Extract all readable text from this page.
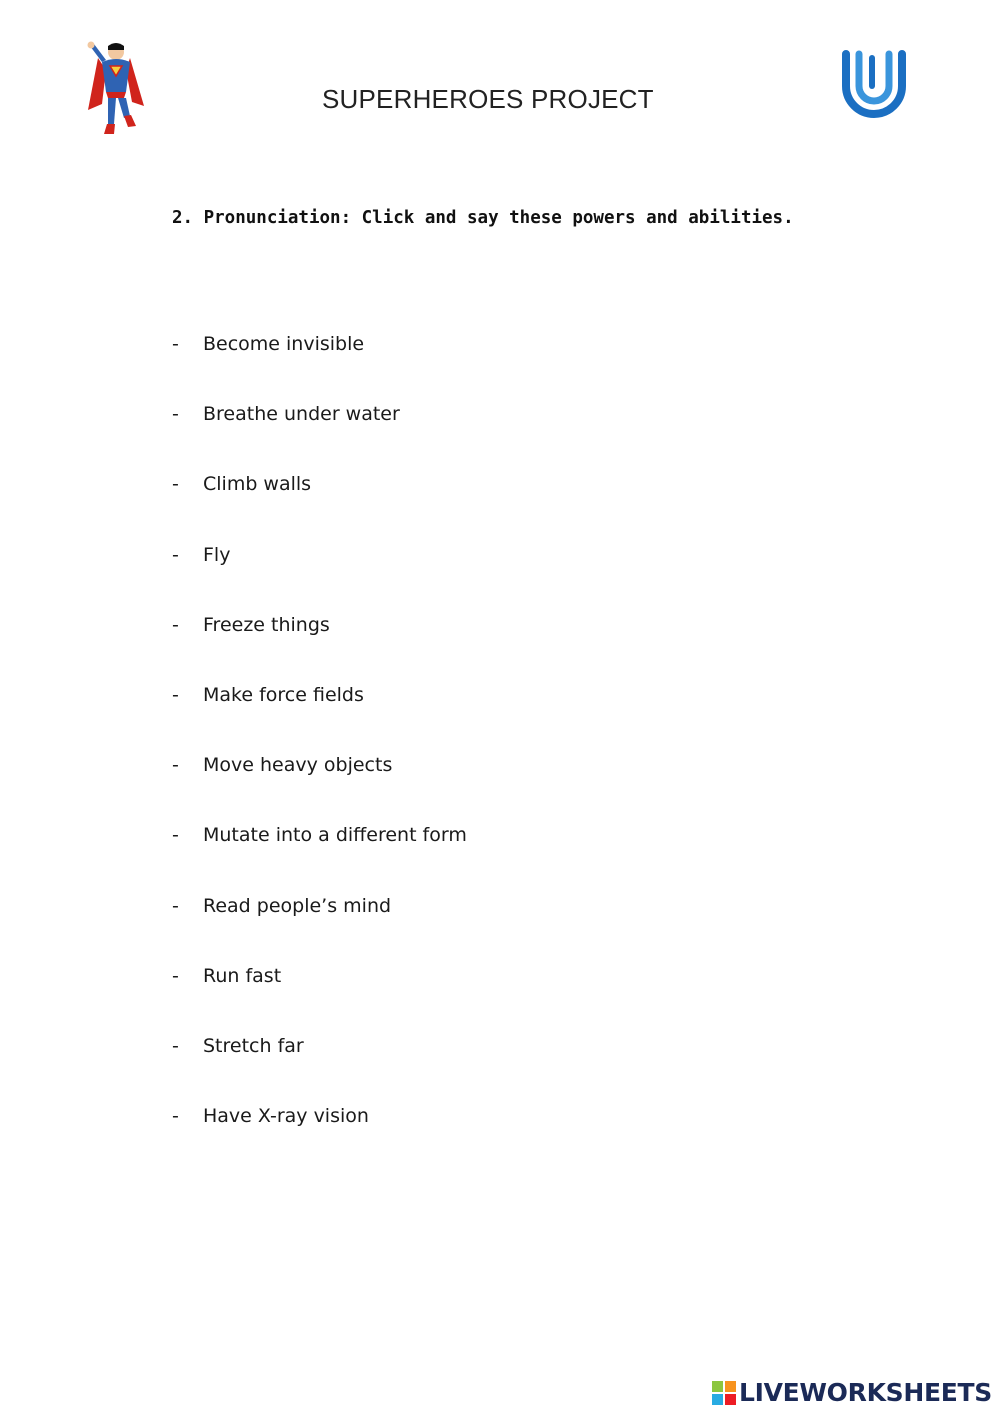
SUPERHEROES PROJECT
2. Pronunciation: Click and say these powers and abilities.
-	Become invisible
-	Breathe under water
-	Climb walls
-	Fly
-	Freeze things
-	Make force fields
-	Move heavy objects
-	Mutate into a different form
-	Read people’s mind
-	Run fast
-	Stretch far
-	Have X-ray vision
LIVEWORKSHEETS
